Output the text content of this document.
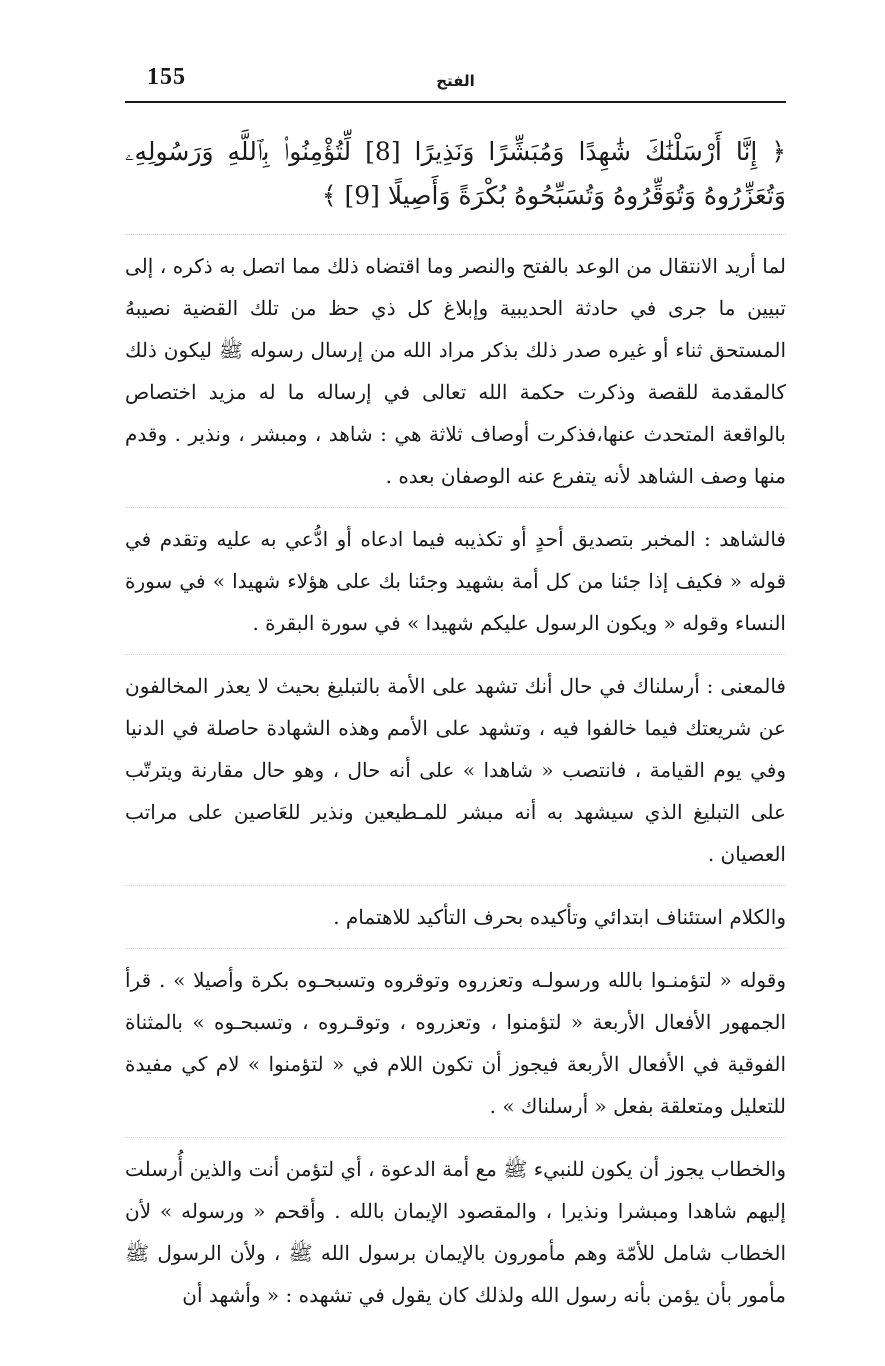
155	الفتح

﴿ إِنَّا أَرْسَلْنَٰكَ شَٰهِدًا وَمُبَشِّرًا وَنَذِيرًا [8] لِّتُؤْمِنُوا۟ بِٱللَّهِ وَرَسُولِهِۦ وَتُعَزِّرُوهُ وَتُوَقِّرُوهُ وَتُسَبِّحُوهُ بُكْرَةً وَأَصِيلًا [9] ﴾

لما أريد الانتقال من الوعد بالفتح والنصر وما اقتضاه ذلك مما اتصل به ذكره ، إلى تبيين ما جرى في حادثة الحديبية وإبلاغ كل ذي حظ من تلك القضية نصيبهُ المستحق ثناء أو غيره صدر ذلك بذكر مراد الله من إرسال رسوله ﷺ ليكون ذلك كالمقدمة للقصة وذكرت حكمة الله تعالى في إرساله ما له مزيد اختصاص بالواقعة المتحدث عنها،فذكرت أوصاف ثلاثة هي : شاهد ، ومبشر ، ونذير . وقدم منها وصف الشاهد لأنه يتفرع عنه الوصفان بعده .

فالشاهد : المخبر بتصديق أحدٍ أو تكذيبه فيما ادعاه أو ادُّعي به عليه وتقدم في قوله « فكيف إذا جئنا من كل أمة بشهيد وجئنا بك على هؤلاء شهيدا » في سورة النساء وقوله « ويكون الرسول عليكم شهيدا » في سورة البقرة .

فالمعنى : أرسلناك في حال أنك تشهد على الأمة بالتبليغ بحيث لا يعذر المخالفون عن شريعتك فيما خالفوا فيه ، وتشهد على الأمم وهذه الشهادة حاصلة في الدنيا وفي يوم القيامة ، فانتصب « شاهدا » على أنه حال ، وهو حال مقارنة ويترتّب على التبليغ الذي سيشهد به أنه مبشر للمـطيعين ونذير للعَاصين على مراتب العصيان .

والكلام استئناف ابتدائي وتأكيده بحرف التأكيد للاهتمام .

وقوله « لتؤمنـوا بالله ورسولـه وتعزروه وتوقروه وتسبحـوه بكرة وأصيلا » . قرأ الجمهور الأفعال الأربعة « لتؤمنوا ، وتعزروه ، وتوقـروه ، وتسبحـوه » بالمثناة الفوقية في الأفعال الأربعة فيجوز أن تكون اللام في « لتؤمنوا » لام كي مفيدة للتعليل ومتعلقة بفعل « أرسلناك » .

والخطاب يجوز أن يكون للنبيء ﷺ مع أمة الدعوة ، أي لتؤمن أنت والذين أُرسلت إليهم شاهدا ومبشرا ونذيرا ، والمقصود الإيمان بالله . وأقحم « ورسوله » لأن الخطاب شامل للأمّة وهم مأمورون بالإيمان برسول الله ﷺ ، ولأن الرسول ﷺ مأمور بأن يؤمن بأنه رسول الله ولذلك كان يقول في تشهده : « وأشهد أن
